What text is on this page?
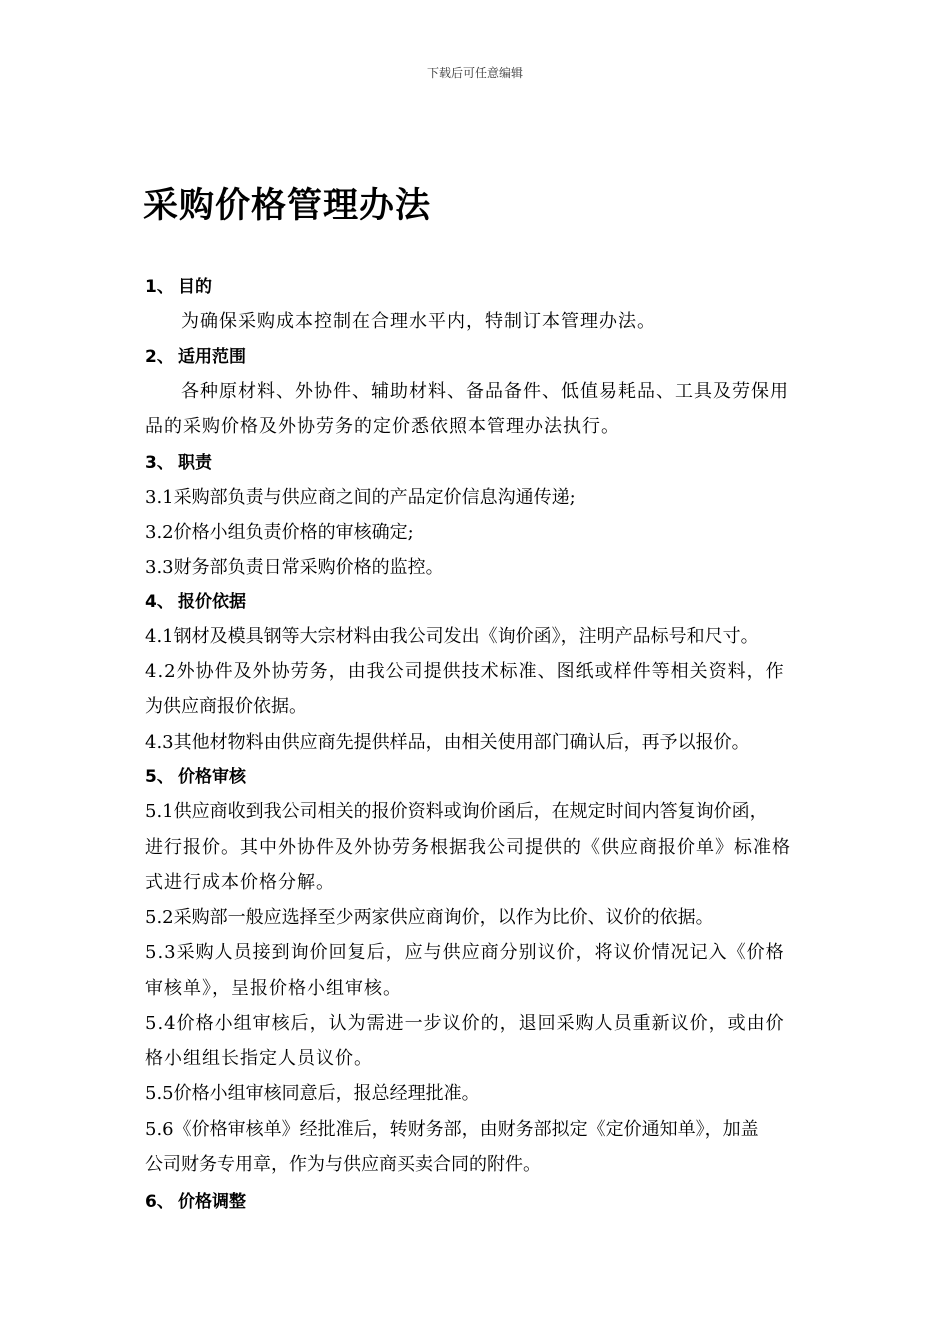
下载后可任意编辑
采购价格管理办法
1、 目的
为确保采购成本控制在合理水平内，特制订本管理办法。
2、 适用范围
各种原材料、外协件、辅助材料、备品备件、低值易耗品、工具及劳保用
品的采购价格及外协劳务的定价悉依照本管理办法执行。
3、 职责
3.1采购部负责与供应商之间的产品定价信息沟通传递;
3.2价格小组负责价格的审核确定;
3.3财务部负责日常采购价格的监控。
4、 报价依据
4.1钢材及模具钢等大宗材料由我公司发出《询价函》，注明产品标号和尺寸。
4.2外协件及外协劳务，由我公司提供技术标准、图纸或样件等相关资料，作
为供应商报价依据。
4.3其他材物料由供应商先提供样品，由相关使用部门确认后，再予以报价。
5、 价格审核
5.1供应商收到我公司相关的报价资料或询价函后，在规定时间内答复询价函，
进行报价。其中外协件及外协劳务根据我公司提供的《供应商报价单》标准格
式进行成本价格分解。
5.2采购部一般应选择至少两家供应商询价，以作为比价、议价的依据。
5.3采购人员接到询价回复后，应与供应商分别议价，将议价情况记入《价格
审核单》，呈报价格小组审核。
5.4价格小组审核后，认为需进一步议价的，退回采购人员重新议价，或由价
格小组组长指定人员议价。
5.5价格小组审核同意后，报总经理批准。
5.6《价格审核单》经批准后，转财务部，由财务部拟定《定价通知单》，加盖
公司财务专用章，作为与供应商买卖合同的附件。
6、 价格调整
